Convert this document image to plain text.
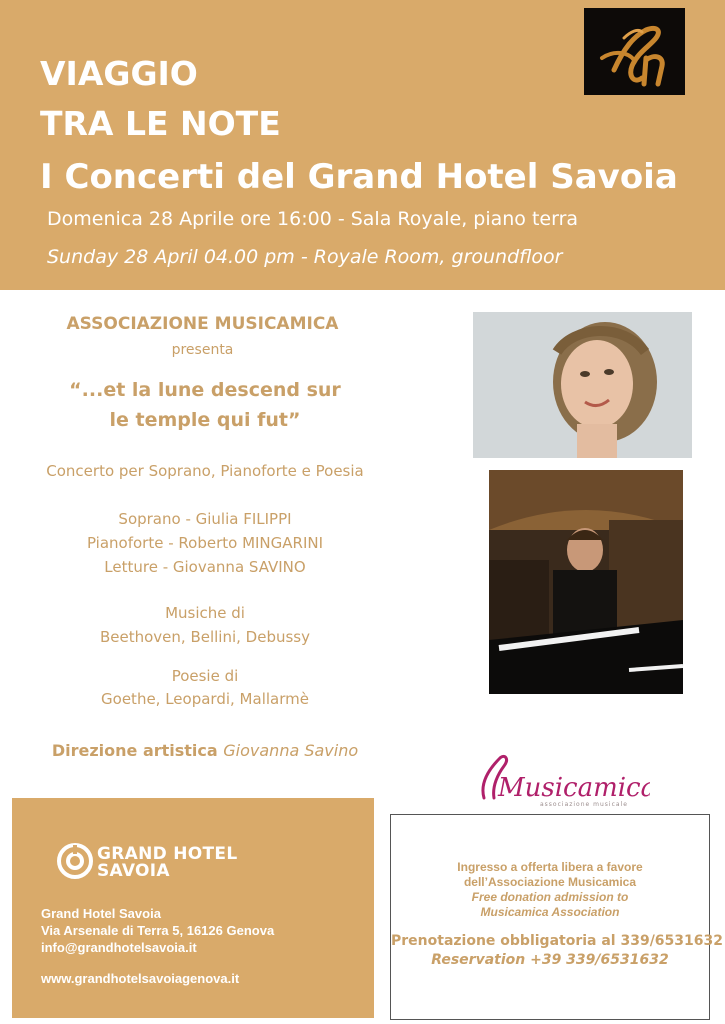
VIAGGIO
TRA LE NOTE
I Concerti del Grand Hotel Savoia
Domenica 28 Aprile ore 16:00 - Sala Royale, piano terra
Sunday 28 April 04.00 pm - Royale Room, groundfloor
ASSOCIAZIONE MUSICAMICA
presenta
“...et la lune descend sur
le temple qui fut”
Concerto per Soprano, Pianoforte e Poesia
Soprano - Giulia FILIPPI
Pianoforte - Roberto MINGARINI
Letture - Giovanna SAVINO
Musiche di
Beethoven, Bellini, Debussy
Poesie di
Goethe, Leopardi, Mallarmè
Direzione artistica Giovanna Savino
Musicamica
associazione musicale
GRAND HOTEL
SAVOIA
Grand Hotel Savoia
Via Arsenale di Terra 5, 16126 Genova
info@grandhotelsavoia.it
www.grandhotelsavoiagenova.it
Ingresso a offerta libera a favore
dell’Associazione Musicamica
Free donation admission to
Musicamica Association
Prenotazione obbligatoria al 339/6531632
Reservation +39 339/6531632
